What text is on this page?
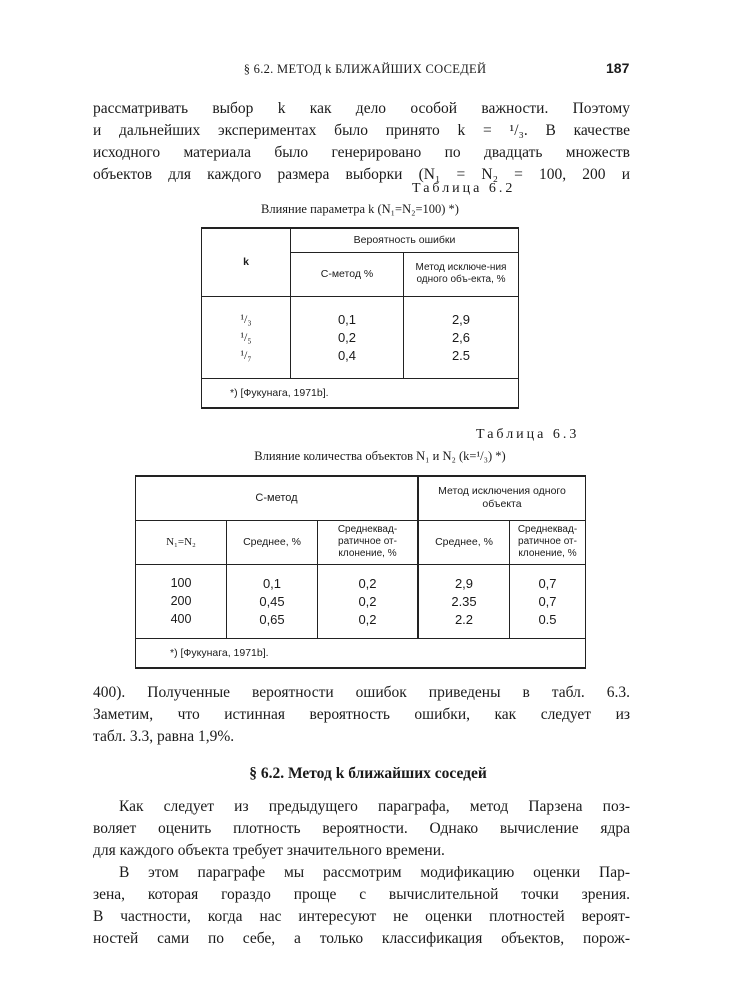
§ 6.2. МЕТОД k БЛИЖАЙШИХ СОСЕДЕЙ	187
рассматривать выбор k как дело особой важности. Поэтому
и дальнейших экспериментах было принято k = ¹/₃. В качестве
исходного материала было генерировано по двадцать множеств
объектов для каждого размера выборки (N₁ = N₂ = 100, 200 и
Таблица 6.2
Влияние параметра k (N₁=N₂=100) *)
k	Вероятность ошибки	
	С-метод %	Метод исключе-ния одного объ-екта, %

¹/₃	0,1	2,9
¹/₅	0,2	2,6
¹/₇	0,4	2.5

*) [Фукунага, 1971b].		
Таблица 6.3
Влияние количества объектов N₁ и N₂ (k=¹/₃) *)
С-метод			Метод исключения одного объекта	
N₁=N₂	Среднее, %	Среднеквад-ратичное от-клонение, %	Среднее, %	Среднеквад-ратичное от-клонение, %

100	0,1	0,2	2,9	0,7
200	0,45	0,2	2.35	0,7
400	0,65	0,2	2.2	0.5

*) [Фукунага, 1971b].				
400). Полученные вероятности ошибок приведены в табл. 6.3.
Заметим, что истинная вероятность ошибки, как следует из
табл. 3.3, равна 1,9%.
§ 6.2. Метод k ближайших соседей
Как следует из предыдущего параграфа, метод Парзена поз-
воляет оценить плотность вероятности. Однако вычисление ядра
для каждого объекта требует значительного времени.
В этом параграфе мы рассмотрим модификацию оценки Пар-
зена, которая гораздо проще с вычислительной точки зрения.
В частности, когда нас интересуют не оценки плотностей вероят-
ностей сами по себе, а только классификация объектов, порож-
